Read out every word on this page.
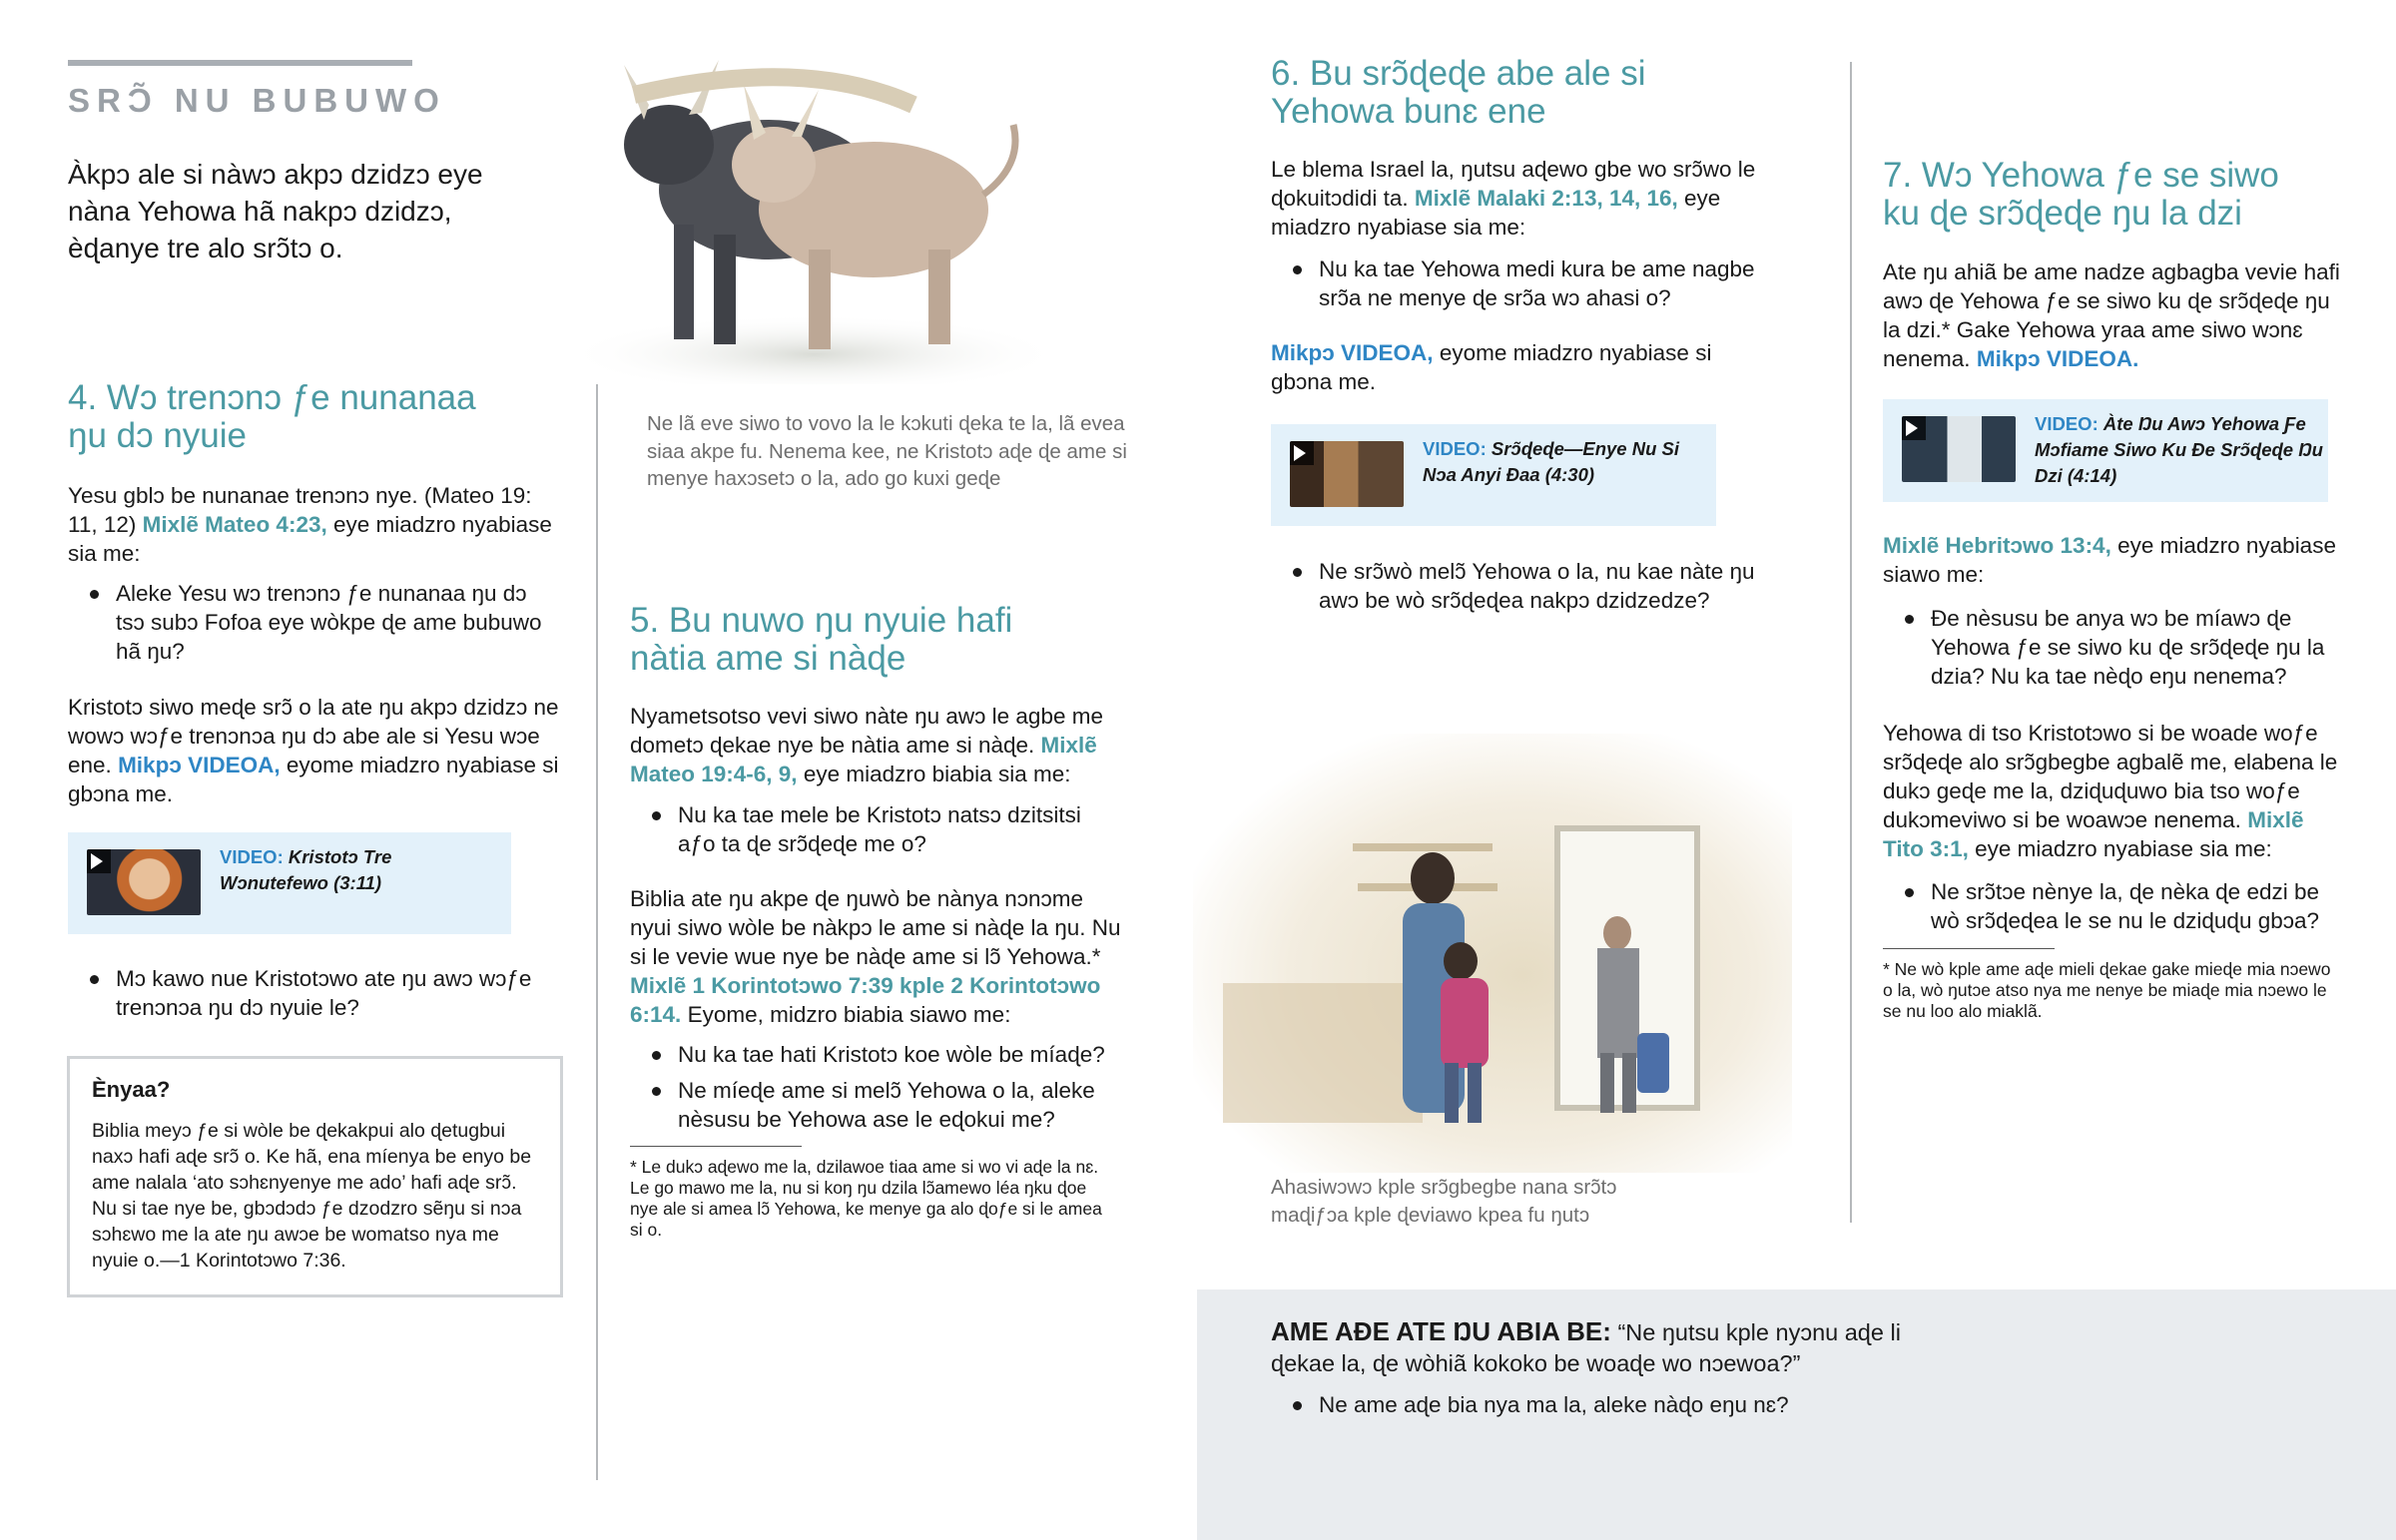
SRƆ̃ NU BUBUWO
Àkpɔ ale si nàwɔ akpɔ dzidzɔ eye nàna Yehowa hã nakpɔ dzidzɔ, èɖanye tre alo srɔ̃tɔ o.
4. Wɔ trenɔnɔ ƒe nunanaa ŋu dɔ nyuie
Yesu gblɔ be nunanae trenɔnɔ nye. (Mateo 19: 11, 12) Mixlẽ Mateo 4:23, eye miadzro nyabiase sia me:
Aleke Yesu wɔ trenɔnɔ ƒe nunanaa ŋu dɔ tsɔ subɔ Fofoa eye wòkpe ɖe ame bubuwo hã ŋu?
Kristotɔ siwo meɖe srɔ̃ o la ate ŋu akpɔ dzidzɔ ne wowɔ wɔƒe trenɔnɔa ŋu dɔ abe ale si Yesu wɔe ene. Mikpɔ VIDEOA, eyome miadzro nyabiase si gbɔna me.
VIDEO: Kristotɔ Tre Wɔnutefewo (3:11)
Mɔ kawo nue Kristotɔwo ate ŋu awɔ wɔƒe trenɔnɔa ŋu dɔ nyuie le?
Ènyaa?
Biblia meyɔ ƒe si wòle be ɖekakpui alo ɖetugbui naxɔ hafi aɖe srɔ̃ o. Ke hã, ena míenya be enyo be ame nalala ‘ato sɔhɛnyenye me ado’ hafi aɖe srɔ̃. Nu si tae nye be, gbɔdɔdɔ ƒe dzodzro sẽŋu si nɔa sɔhɛwo me la ate ŋu awɔe be womatso nya me nyuie o.—1 Korintotɔwo 7:36.
Ne lã eve siwo to vovo la le kɔkuti ɖeka te la, lã evea siaa akpe fu. Nenema kee, ne Kristotɔ aɖe ɖe ame si menye haxɔsetɔ o la, ado go kuxi geɖe
5. Bu nuwo ŋu nyuie hafi nàtia ame si nàɖe
Nyametsotso vevi siwo nàte ŋu awɔ le agbe me dometɔ ɖekae nye be nàtia ame si nàɖe. Mixlẽ Mateo 19:4-6, 9, eye miadzro biabia sia me:
Nu ka tae mele be Kristotɔ natsɔ dzitsitsi aƒo ta ɖe srɔ̃ɖeɖe me o?
Biblia ate ŋu akpe ɖe ŋuwò be nànya nɔnɔme nyui siwo wòle be nàkpɔ le ame si nàɖe la ŋu. Nu si le vevie wue nye be nàɖe ame si lɔ̃ Yehowa.* Mixlẽ 1 Korintotɔwo 7:39 kple 2 Korintotɔwo 6:14. Eyome, midzro biabia siawo me:
Nu ka tae hati Kristotɔ koe wòle be míaɖe?
Ne míeɖe ame si melɔ̃ Yehowa o la, aleke nèsusu be Yehowa ase le eɖokui me?
* Le dukɔ aɖewo me la, dzilawoe tiaa ame si wo vi aɖe la nɛ. Le go mawo me la, nu si koŋ ŋu dzila lɔ̃amewo léa ŋku ɖoe nye ale si amea lɔ̃ Yehowa, ke menye ga alo ɖoƒe si le amea si o.
6. Bu srɔ̃ɖeɖe abe ale si Yehowa bunɛ ene
Le blema Israel la, ŋutsu aɖewo gbe wo srɔ̃wo le ɖokuitɔdidi ta. Mixlẽ Malaki 2:13, 14, 16, eye miadzro nyabiase sia me:
Nu ka tae Yehowa medi kura be ame nagbe srɔ̃a ne menye ɖe srɔ̃a wɔ ahasi o?
Mikpɔ VIDEOA, eyome miadzro nyabiase si gbɔna me.
VIDEO: Srɔ̃ɖeɖe—Enye Nu Si Nɔa Anyi Ɖaa (4:30)
Ne srɔ̃wò melɔ̃ Yehowa o la, nu kae nàte ŋu awɔ be wò srɔ̃ɖeɖea nakpɔ dzidzedze?
Ahasiwɔwɔ kple srɔ̃gbegbe nana srɔ̃tɔ maɖiƒɔa kple ɖeviawo kpea fu ŋutɔ
7. Wɔ Yehowa ƒe se siwo ku ɖe srɔ̃ɖeɖe ŋu la dzi
Ate ŋu ahiã be ame nadze agbagba vevie hafi awɔ ɖe Yehowa ƒe se siwo ku ɖe srɔ̃ɖeɖe ŋu la dzi.* Gake Yehowa yraa ame siwo wɔnɛ nenema. Mikpɔ VIDEOA.
VIDEO: Àte Ŋu Awɔ Yehowa Ƒe Mɔfiame Siwo Ku Ɖe Srɔ̃ɖeɖe Ŋu Dzi (4:14)
Mixlẽ Hebritɔwo 13:4, eye miadzro nyabiase siawo me:
Ɖe nèsusu be anya wɔ be míawɔ ɖe Yehowa ƒe se siwo ku ɖe srɔ̃ɖeɖe ŋu la dzia? Nu ka tae nèɖo eŋu nenema?
Yehowa di tso Kristotɔwo si be woade woƒe srɔ̃ɖeɖe alo srɔ̃gbegbe agbalẽ me, elabena le dukɔ geɖe me la, dziɖuɖuwo bia tso woƒe dukɔmeviwo si be woawɔe nenema. Mixlẽ Tito 3:1, eye miadzro nyabiase sia me:
Ne srɔ̃tɔe nènye la, ɖe nèka ɖe edzi be wò srɔ̃ɖeɖea le se nu le dziɖuɖu gbɔa?
* Ne wò kple ame aɖe mieli ɖekae gake mieɖe mia nɔewo o la, wò ŋutɔe atso nya me nenye be miaɖe mia nɔewo le se nu loo alo miaklã.
AME AƉE ATE ŊU ABIA BE: “Ne ŋutsu kple nyɔnu aɖe li ɖekae la, ɖe wòhiã kokoko be woaɖe wo nɔewoa?”
Ne ame aɖe bia nya ma la, aleke nàɖo eŋu nɛ?
